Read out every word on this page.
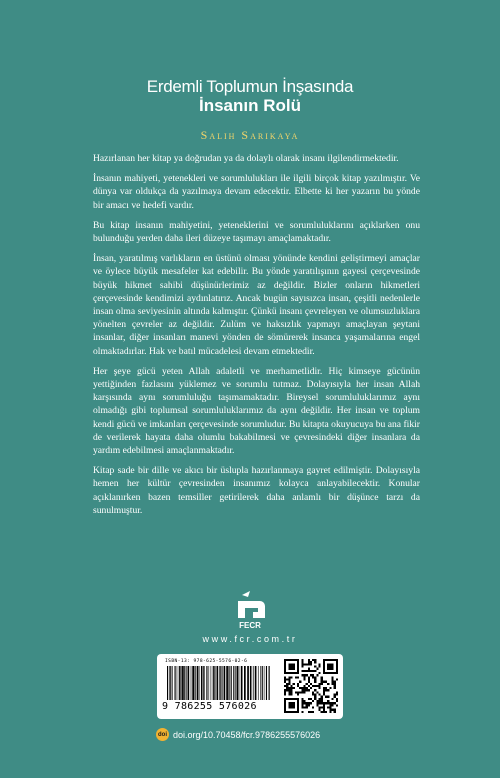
Erdemli Toplumun İnşasında
İnsanın Rolü
Salih Sarikaya

Hazırlanan her kitap ya doğrudan ya da dolaylı olarak insanı ilgilendirmektedir.

İnsanın mahiyeti, yetenekleri ve sorumlulukları ile ilgili birçok kitap yazılmıştır. Ve dünya var oldukça da yazılmaya devam edecektir. Elbette ki her yazarın bu yönde bir amacı ve hedefi vardır.

Bu kitap insanın mahiyetini, yeteneklerini ve sorumluluklarını açıklarken onu bulunduğu yerden daha ileri düzeye taşımayı amaçlamaktadır.

İnsan, yaratılmış varlıkların en üstünü olması yönünde kendini geliştirmeyi amaçlar ve öylece büyük mesafeler kat edebilir. Bu yönde yaratılışının gayesi çerçevesinde büyük hikmet sahibi düşünürlerimiz az değildir. Bizler onların hikmetleri çerçevesinde kendimizi aydınlatırız. Ancak bugün sayısızca insan, çeşitli nedenlerle insan olma seviyesinin altında kalmıştır. Çünkü insanı çevreleyen ve olumsuzluklara yönelten çevreler az değildir. Zulüm ve haksızlık yapmayı amaçlayan şeytani insanlar, diğer insanları manevi yönden de sömürerek insanca yaşamalarına engel olmaktadırlar. Hak ve batıl mücadelesi devam etmektedir.

Her şeye gücü yeten Allah adaletli ve merhametlidir. Hiç kimseye gücünün yettiğinden fazlasını yüklemez ve sorumlu tutmaz. Dolayısıyla her insan Allah karşısında aynı sorumluluğu taşımamaktadır. Bireysel sorumluluklarımız aynı olmadığı gibi toplumsal sorumluluklarımız da aynı değildir. Her insan ve toplum kendi gücü ve imkanları çerçevesinde sorumludur. Bu kitapta okuyucuya bu ana fikir de verilerek hayata daha olumlu bakabilmesi ve çevresindeki diğer insanlara da yardım edebilmesi amaçlanmaktadır.

Kitap sade bir dille ve akıcı bir üslupla hazırlanmaya gayret edilmiştir. Dolayısıyla hemen her kültür çevresinden insanımız kolayca anlayabilecektir. Konular açıklanırken bazen temsiller getirilerek daha anlamlı bir düşünce tarzı da sunulmuştur.

FECR
www.fcr.com.tr
ISBN-13: 978-625-5576-02-6
9 786255 576026
doi doi.org/10.70458/fcr.9786255576026
